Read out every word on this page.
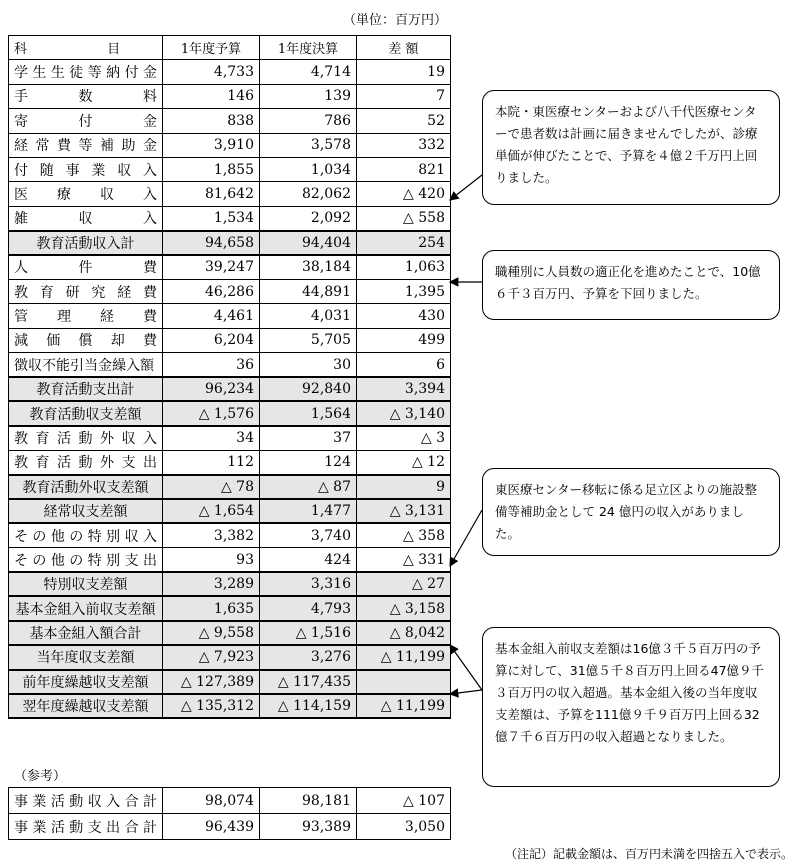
（単位：百万円）
科 目	1年度予算	1年度決算	差 額
学生生徒等納付金	4,733	4,714	19
手数料	146	139	7
寄付金	838	786	52
経常費等補助金	3,910	3,578	332
付随事業収入	1,855	1,034	821
医療収入	81,642	82,062	△ 420
雑収入	1,534	2,092	△ 558
教育活動収入計	94,658	94,404	254
人件費	39,247	38,184	1,063
教育研究経費	46,286	44,891	1,395
管理経費	4,461	4,031	430
減価償却費	6,204	5,705	499
徴収不能引当金繰入額	36	30	6
教育活動支出計	96,234	92,840	3,394
教育活動収支差額	△ 1,576	1,564	△ 3,140
教育活動外収入	34	37	△ 3
教育活動外支出	112	124	△ 12
教育活動外収支差額	△ 78	△ 87	9
経常収支差額	△ 1,654	1,477	△ 3,131
その他の特別収入	3,382	3,740	△ 358
その他の特別支出	93	424	△ 331
特別収支差額	3,289	3,316	△ 27
基本金組入前収支差額	1,635	4,793	△ 3,158
基本金組入額合計	△ 9,558	△ 1,516	△ 8,042
当年度収支差額	△ 7,923	3,276	△ 11,199
前年度繰越収支差額	△ 127,389	△ 117,435	
翌年度繰越収支差額	△ 135,312	△ 114,159	△ 11,199
（参考）
事業活動収入合計	98,074	98,181	△ 107
事業活動支出合計	96,439	93,389	3,050
（注記）記載金額は、百万円未満を四捨五入で表示。
本院・東医療センターおよび八千代医療センターで患者数は計画に届きませんでしたが、診療単価が伸びたことで、予算を４億２千万円上回りました。
職種別に人員数の適正化を進めたことで、10億６千３百万円、予算を下回りました。
東医療センター移転に係る足立区よりの施設整備等補助金として 24 億円の収入がありました。
基本金組入前収支差額は16億３千５百万円の予算に対して、31億５千８百万円上回る47億９千３百万円の収入超過。基本金組入後の当年度収支差額は、予算を111億９千９百万円上回る32億７千６百万円の収入超過となりました。
